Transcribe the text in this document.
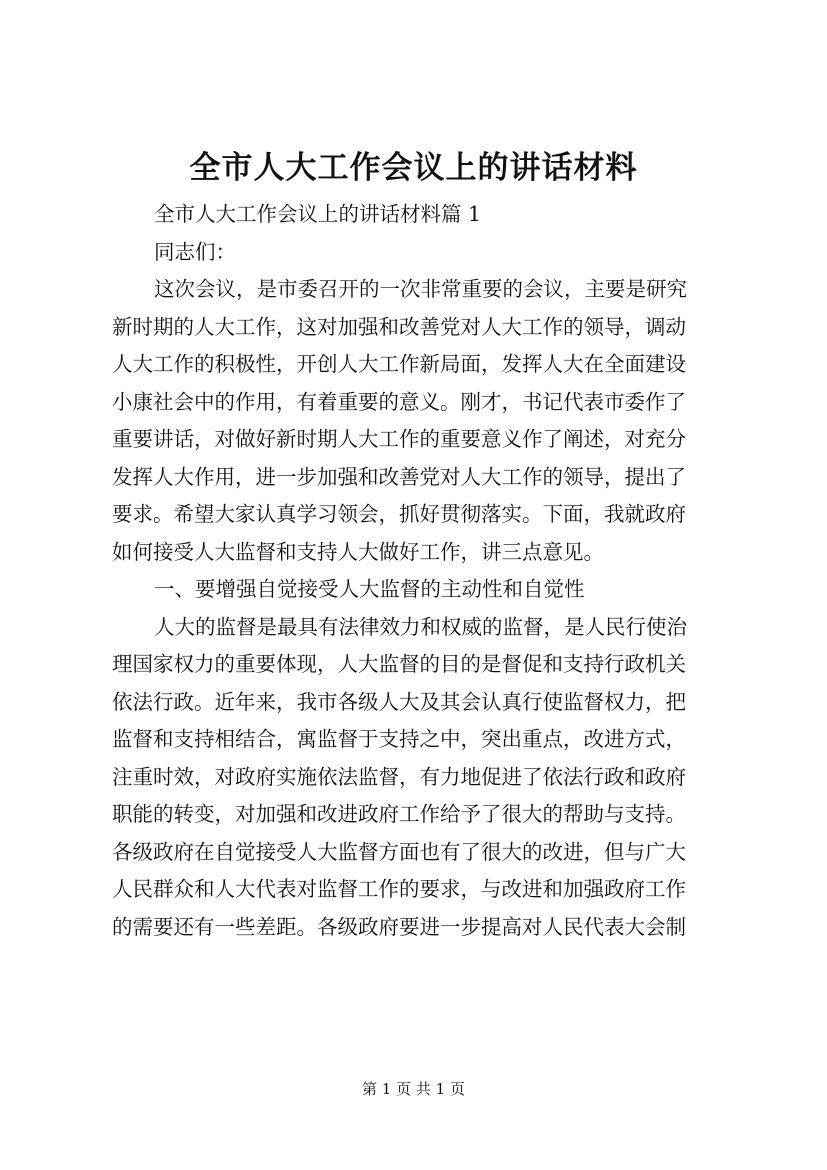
全市人大工作会议上的讲话材料
全市人大工作会议上的讲话材料篇 1
同志们：
这次会议，是市委召开的一次非常重要的会议，主要是研究
新时期的人大工作，这对加强和改善党对人大工作的领导，调动
人大工作的积极性，开创人大工作新局面，发挥人大在全面建设
小康社会中的作用，有着重要的意义。刚才，书记代表市委作了
重要讲话，对做好新时期人大工作的重要意义作了阐述，对充分
发挥人大作用，进一步加强和改善党对人大工作的领导，提出了
要求。希望大家认真学习领会，抓好贯彻落实。下面，我就政府
如何接受人大监督和支持人大做好工作，讲三点意见。
一、要增强自觉接受人大监督的主动性和自觉性
人大的监督是最具有法律效力和权威的监督，是人民行使治
理国家权力的重要体现，人大监督的目的是督促和支持行政机关
依法行政。近年来，我市各级人大及其会认真行使监督权力，把
监督和支持相结合，寓监督于支持之中，突出重点，改进方式，
注重时效，对政府实施依法监督，有力地促进了依法行政和政府
职能的转变，对加强和改进政府工作给予了很大的帮助与支持。
各级政府在自觉接受人大监督方面也有了很大的改进，但与广大
人民群众和人大代表对监督工作的要求，与改进和加强政府工作
的需要还有一些差距。各级政府要进一步提高对人民代表大会制
第 1 页 共 1 页
